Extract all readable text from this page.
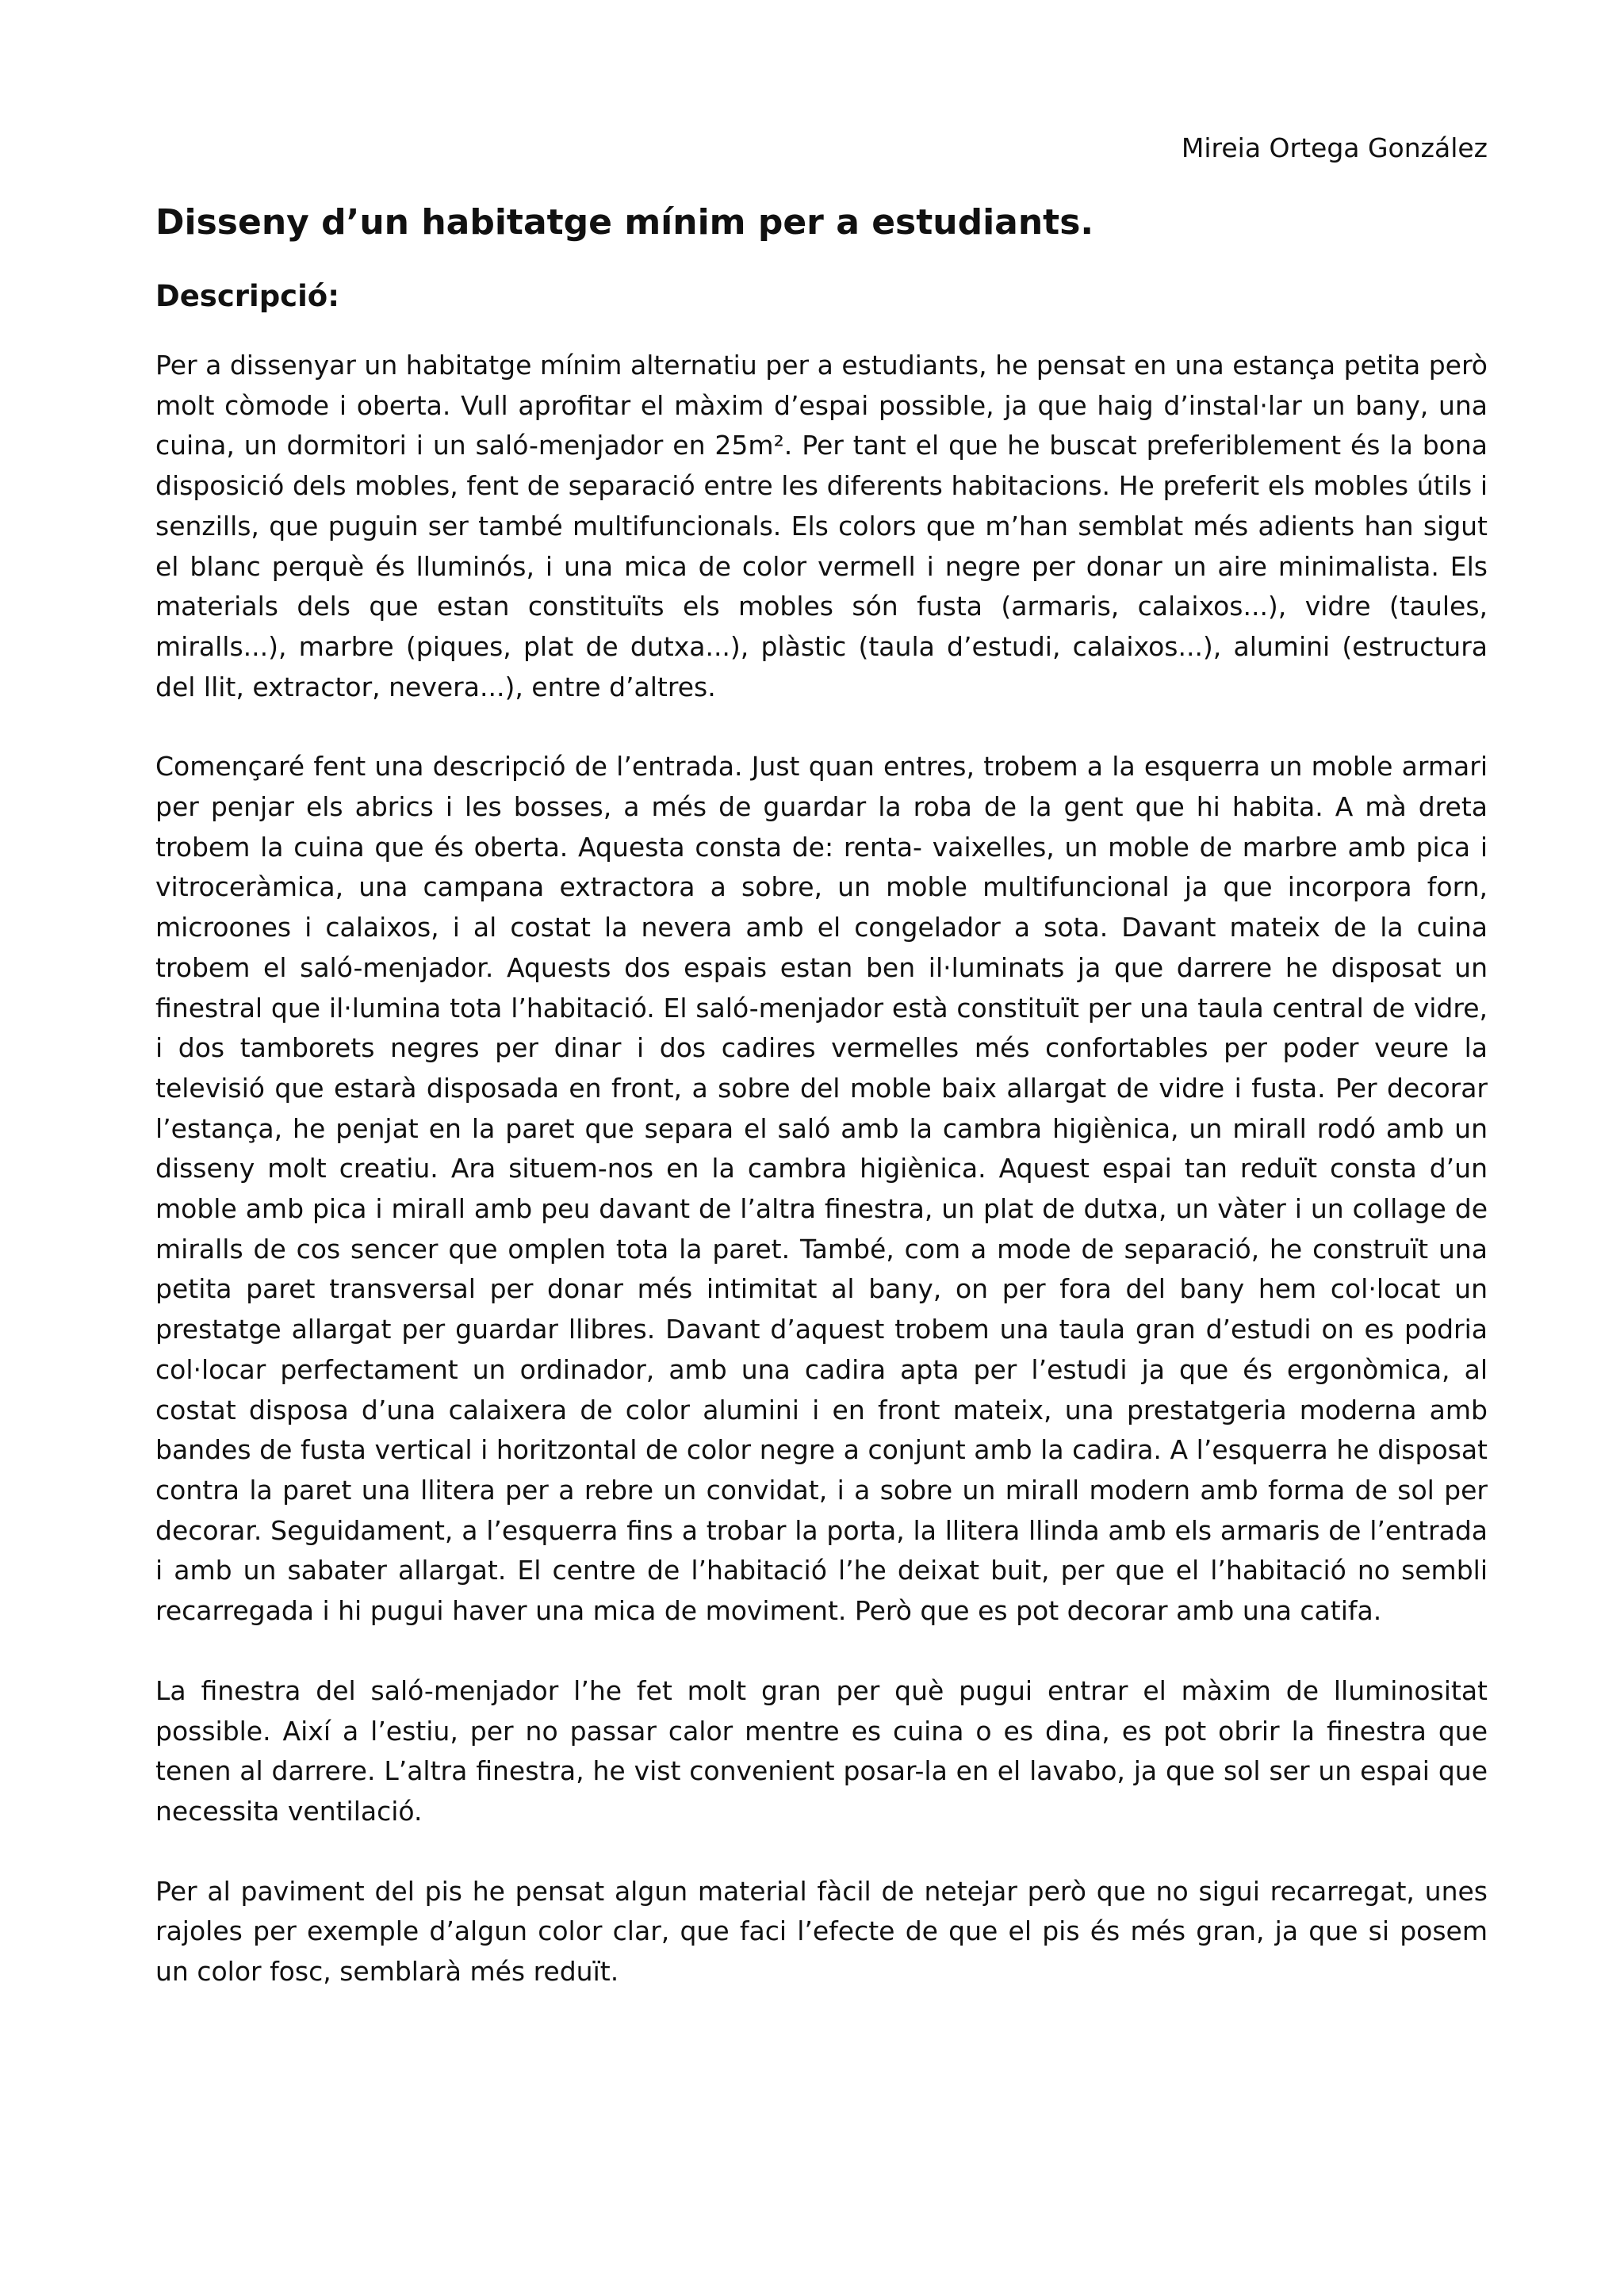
Mireia Ortega González
Disseny d’un habitatge mínim per a estudiants.
Descripció:

Per a dissenyar un habitatge mínim alternatiu per a estudiants, he pensat en una estança petita però molt còmode i oberta. Vull aprofitar el màxim d’espai possible, ja que haig d’instal·lar un bany, una cuina, un dormitori i un saló-menjador en 25m². Per tant el que he buscat preferiblement és la bona disposició dels mobles, fent de separació entre les diferents habitacions. He preferit els mobles útils i senzills, que puguin ser també multifuncionals. Els colors que m’han semblat més adients han sigut el blanc perquè és lluminós, i una mica de color vermell i negre per donar un aire minimalista. Els materials dels que estan constituïts els mobles són fusta (armaris, calaixos...), vidre (taules, miralls...), marbre (piques, plat de dutxa...), plàstic (taula d’estudi, calaixos...), alumini (estructura del llit, extractor, nevera...), entre d’altres.

Començaré fent una descripció de l’entrada. Just quan entres, trobem a la esquerra un moble armari per penjar els abrics i les bosses, a més de guardar la roba de la gent que hi habita. A mà dreta trobem la cuina que és oberta. Aquesta consta de: renta- vaixelles, un moble de marbre amb pica i vitroceràmica, una campana extractora a sobre, un moble multifuncional ja que incorpora forn, microones i calaixos, i al costat la nevera amb el congelador a sota. Davant mateix de la cuina trobem el saló-menjador. Aquests dos espais estan ben il·luminats ja que darrere he disposat un finestral que il·lumina tota l’habitació. El saló-menjador està constituït per una taula central de vidre, i dos tamborets negres per dinar i dos cadires vermelles més confortables per poder veure la televisió que estarà disposada en front, a sobre del moble baix allargat de vidre i fusta. Per decorar l’estança, he penjat en la paret que separa el saló amb la cambra higiènica, un mirall rodó amb un disseny molt creatiu. Ara situem-nos en la cambra higiènica. Aquest espai tan reduït consta d’un moble amb pica i mirall amb peu davant de l’altra finestra, un plat de dutxa, un vàter i un collage de miralls de cos sencer que omplen tota la paret. També, com a mode de separació, he construït una petita paret transversal per donar més intimitat al bany, on per fora del bany hem col·locat un prestatge allargat per guardar llibres. Davant d’aquest trobem una taula gran d’estudi on es podria col·locar perfectament un ordinador, amb una cadira apta per l’estudi ja que és ergonòmica, al costat disposa d’una calaixera de color alumini i en front mateix, una prestatgeria moderna amb bandes de fusta vertical i horitzontal de color negre a conjunt amb la cadira. A l’esquerra he disposat contra la paret una llitera per a rebre un convidat, i a sobre un mirall modern amb forma de sol per decorar. Seguidament, a l’esquerra fins a trobar la porta, la llitera llinda amb els armaris de l’entrada i amb un sabater allargat. El centre de l’habitació l’he deixat buit, per que el l’habitació no sembli recarregada i hi pugui haver una mica de moviment. Però que es pot decorar amb una catifa.

La finestra del saló-menjador l’he fet molt gran per què pugui entrar el màxim de lluminositat possible. Així a l’estiu, per no passar calor mentre es cuina o es dina, es pot obrir la finestra que tenen al darrere. L’altra finestra, he vist convenient posar-la en el lavabo, ja que sol ser un espai que necessita ventilació.

Per al paviment del pis he pensat algun material fàcil de netejar però que no sigui recarregat, unes rajoles per exemple d’algun color clar, que faci l’efecte de que el pis és més gran, ja que si posem un color fosc, semblarà més reduït.
